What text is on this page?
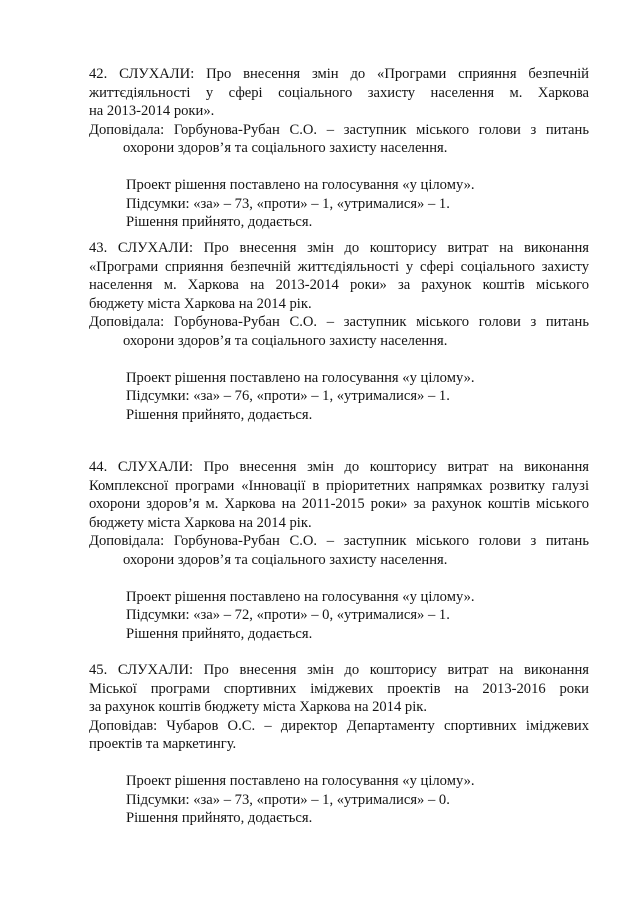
42. СЛУХАЛИ: Про внесення змін до «Програми сприяння безпечній
життєдіяльності у сфері соціального захисту населення м. Харкова
на 2013-2014 роки».
Доповідала: Горбунова-Рубан С.О. – заступник міського голови з питань
охорони здоров’я та соціального захисту населення.
Проект рішення поставлено на голосування «у цілому».
Підсумки: «за» – 73, «проти» – 1, «утрималися» – 1.
Рішення прийнято, додається.
43. СЛУХАЛИ: Про внесення змін до кошторису витрат на виконання
«Програми сприяння безпечній життєдіяльності у сфері соціального захисту
населення м. Харкова на 2013-2014 роки» за рахунок коштів міського
бюджету міста Харкова на 2014 рік.
Доповідала: Горбунова-Рубан С.О. – заступник міського голови з питань
охорони здоров’я та соціального захисту населення.
Проект рішення поставлено на голосування «у цілому».
Підсумки: «за» – 76, «проти» – 1, «утрималися» – 1.
Рішення прийнято, додається.
44. СЛУХАЛИ: Про внесення змін до кошторису витрат на виконання
Комплексної програми «Інновації в пріоритетних напрямках розвитку галузі
охорони здоров’я м. Харкова на 2011-2015 роки» за рахунок коштів міського
бюджету міста Харкова на 2014 рік.
Доповідала: Горбунова-Рубан С.О. – заступник міського голови з питань
охорони здоров’я та соціального захисту населення.
Проект рішення поставлено на голосування «у цілому».
Підсумки: «за» – 72, «проти» – 0, «утрималися» – 1.
Рішення прийнято, додається.
45. СЛУХАЛИ: Про внесення змін до кошторису витрат на виконання
Міської програми спортивних іміджевих проектів на 2013-2016 роки
за рахунок коштів бюджету міста Харкова на 2014 рік.
Доповідав: Чубаров О.С. – директор Департаменту спортивних іміджевих
проектів та маркетингу.
Проект рішення поставлено на голосування «у цілому».
Підсумки: «за» – 73, «проти» – 1, «утрималися» – 0.
Рішення прийнято, додається.
